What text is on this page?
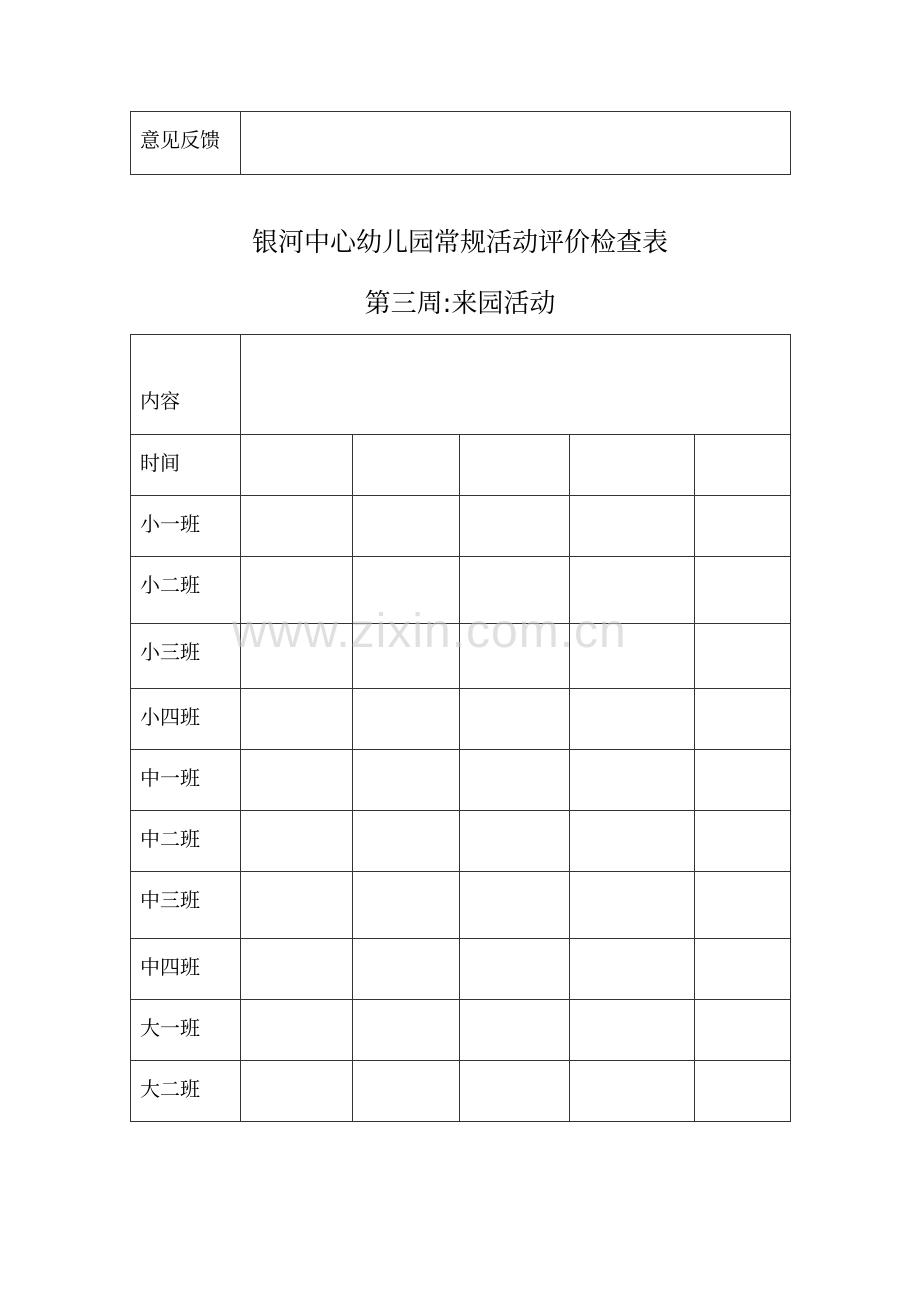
意见反馈	
银河中心幼儿园常规活动评价检查表
第三周:来园活动
内容					
时间					
小一班					
小二班					
小三班					
小四班					
中一班					
中二班					
中三班					
中四班					
大一班					
大二班					
www.zixin.com.cn
